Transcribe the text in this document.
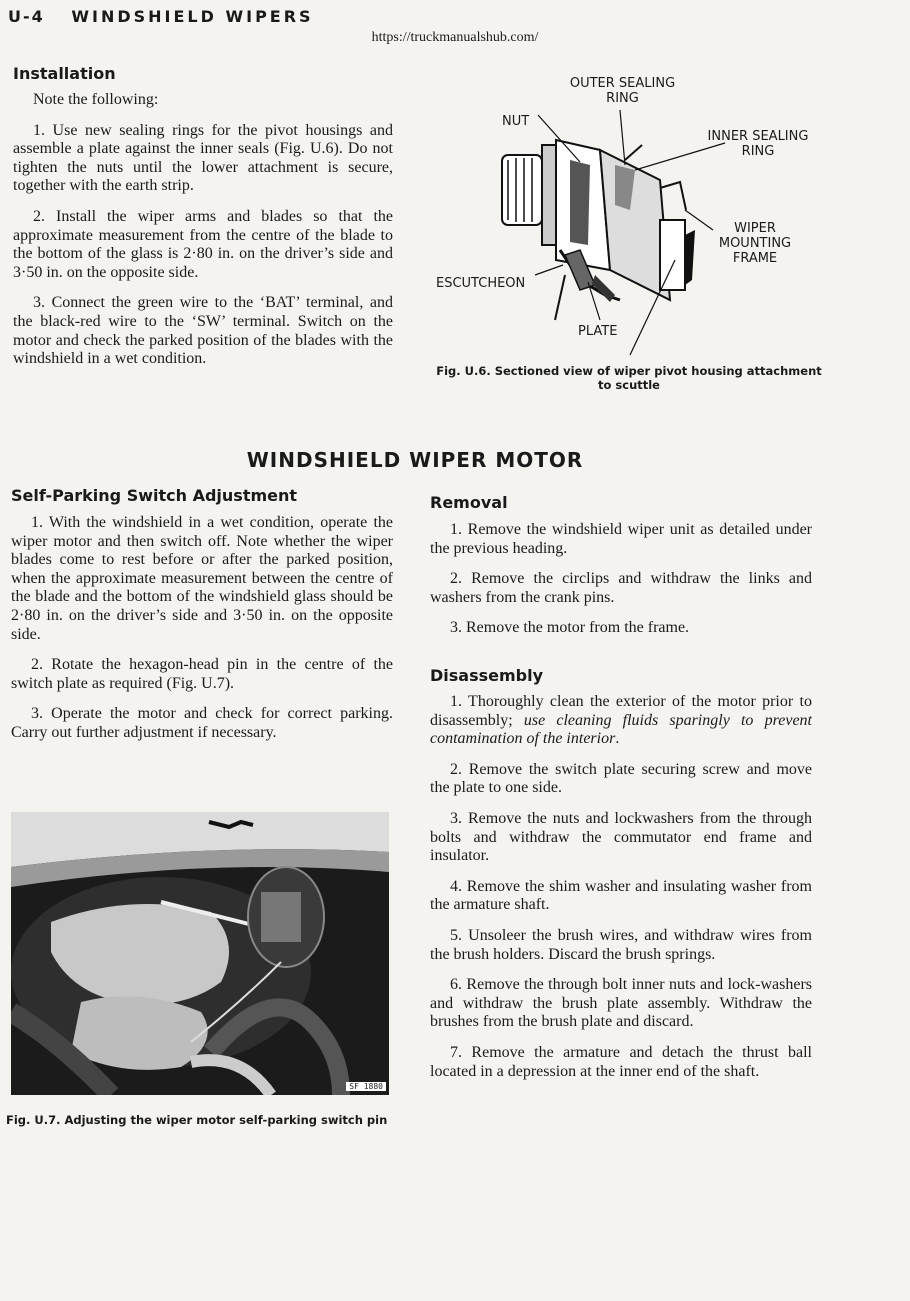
U-4 WINDSHIELD WIPERS
https://truckmanualshub.com/
Installation

Note the following:

1. Use new sealing rings for the pivot housings and assemble a plate against the inner seals (Fig. U.6). Do not tighten the nuts until the lower attachment is secure, together with the earth strip.

2. Install the wiper arms and blades so that the approximate measurement from the centre of the blade to the bottom of the glass is 2·80 in. on the driver’s side and 3·50 in. on the opposite side.

3. Connect the green wire to the ‘BAT’ terminal, and the black-red wire to the ‘SW’ terminal. Switch on the motor and check the parked position of the blades with the windshield in a wet condition.

OUTER SEALING RING
NUT
INNER SEALING RING
WIPER MOUNTING FRAME
ESCUTCHEON
PLATE
Fig. U.6. Sectioned view of wiper pivot housing attachment
to scuttle
WINDSHIELD WIPER MOTOR
Self-Parking Switch Adjustment

1. With the windshield in a wet condition, operate the wiper motor and then switch off. Note whether the wiper blades come to rest before or after the parked position, when the approximate measurement between the centre of the blade and the bottom of the windshield glass should be 2·80 in. on the driver’s side and 3·50 in. on the opposite side.

2. Rotate the hexagon-head pin in the centre of the switch plate as required (Fig. U.7).

3. Operate the motor and check for correct parking. Carry out further adjustment if necessary.

SF 1880
Fig. U.7. Adjusting the wiper motor self-parking switch pin
Removal

1. Remove the windshield wiper unit as detailed under the previous heading.

2. Remove the circlips and withdraw the links and washers from the crank pins.

3. Remove the motor from the frame.

Disassembly

1. Thoroughly clean the exterior of the motor prior to disassembly; use cleaning fluids sparingly to prevent contamination of the interior.

2. Remove the switch plate securing screw and move the plate to one side.

3. Remove the nuts and lockwashers from the through bolts and withdraw the commutator end frame and insulator.

4. Remove the shim washer and insulating washer from the armature shaft.

5. Unsoleer the brush wires, and withdraw wires from the brush holders. Discard the brush springs.

6. Remove the through bolt inner nuts and lock-washers and withdraw the brush plate assembly. Withdraw the brushes from the brush plate and discard.

7. Remove the armature and detach the thrust ball located in a depression at the inner end of the shaft.
